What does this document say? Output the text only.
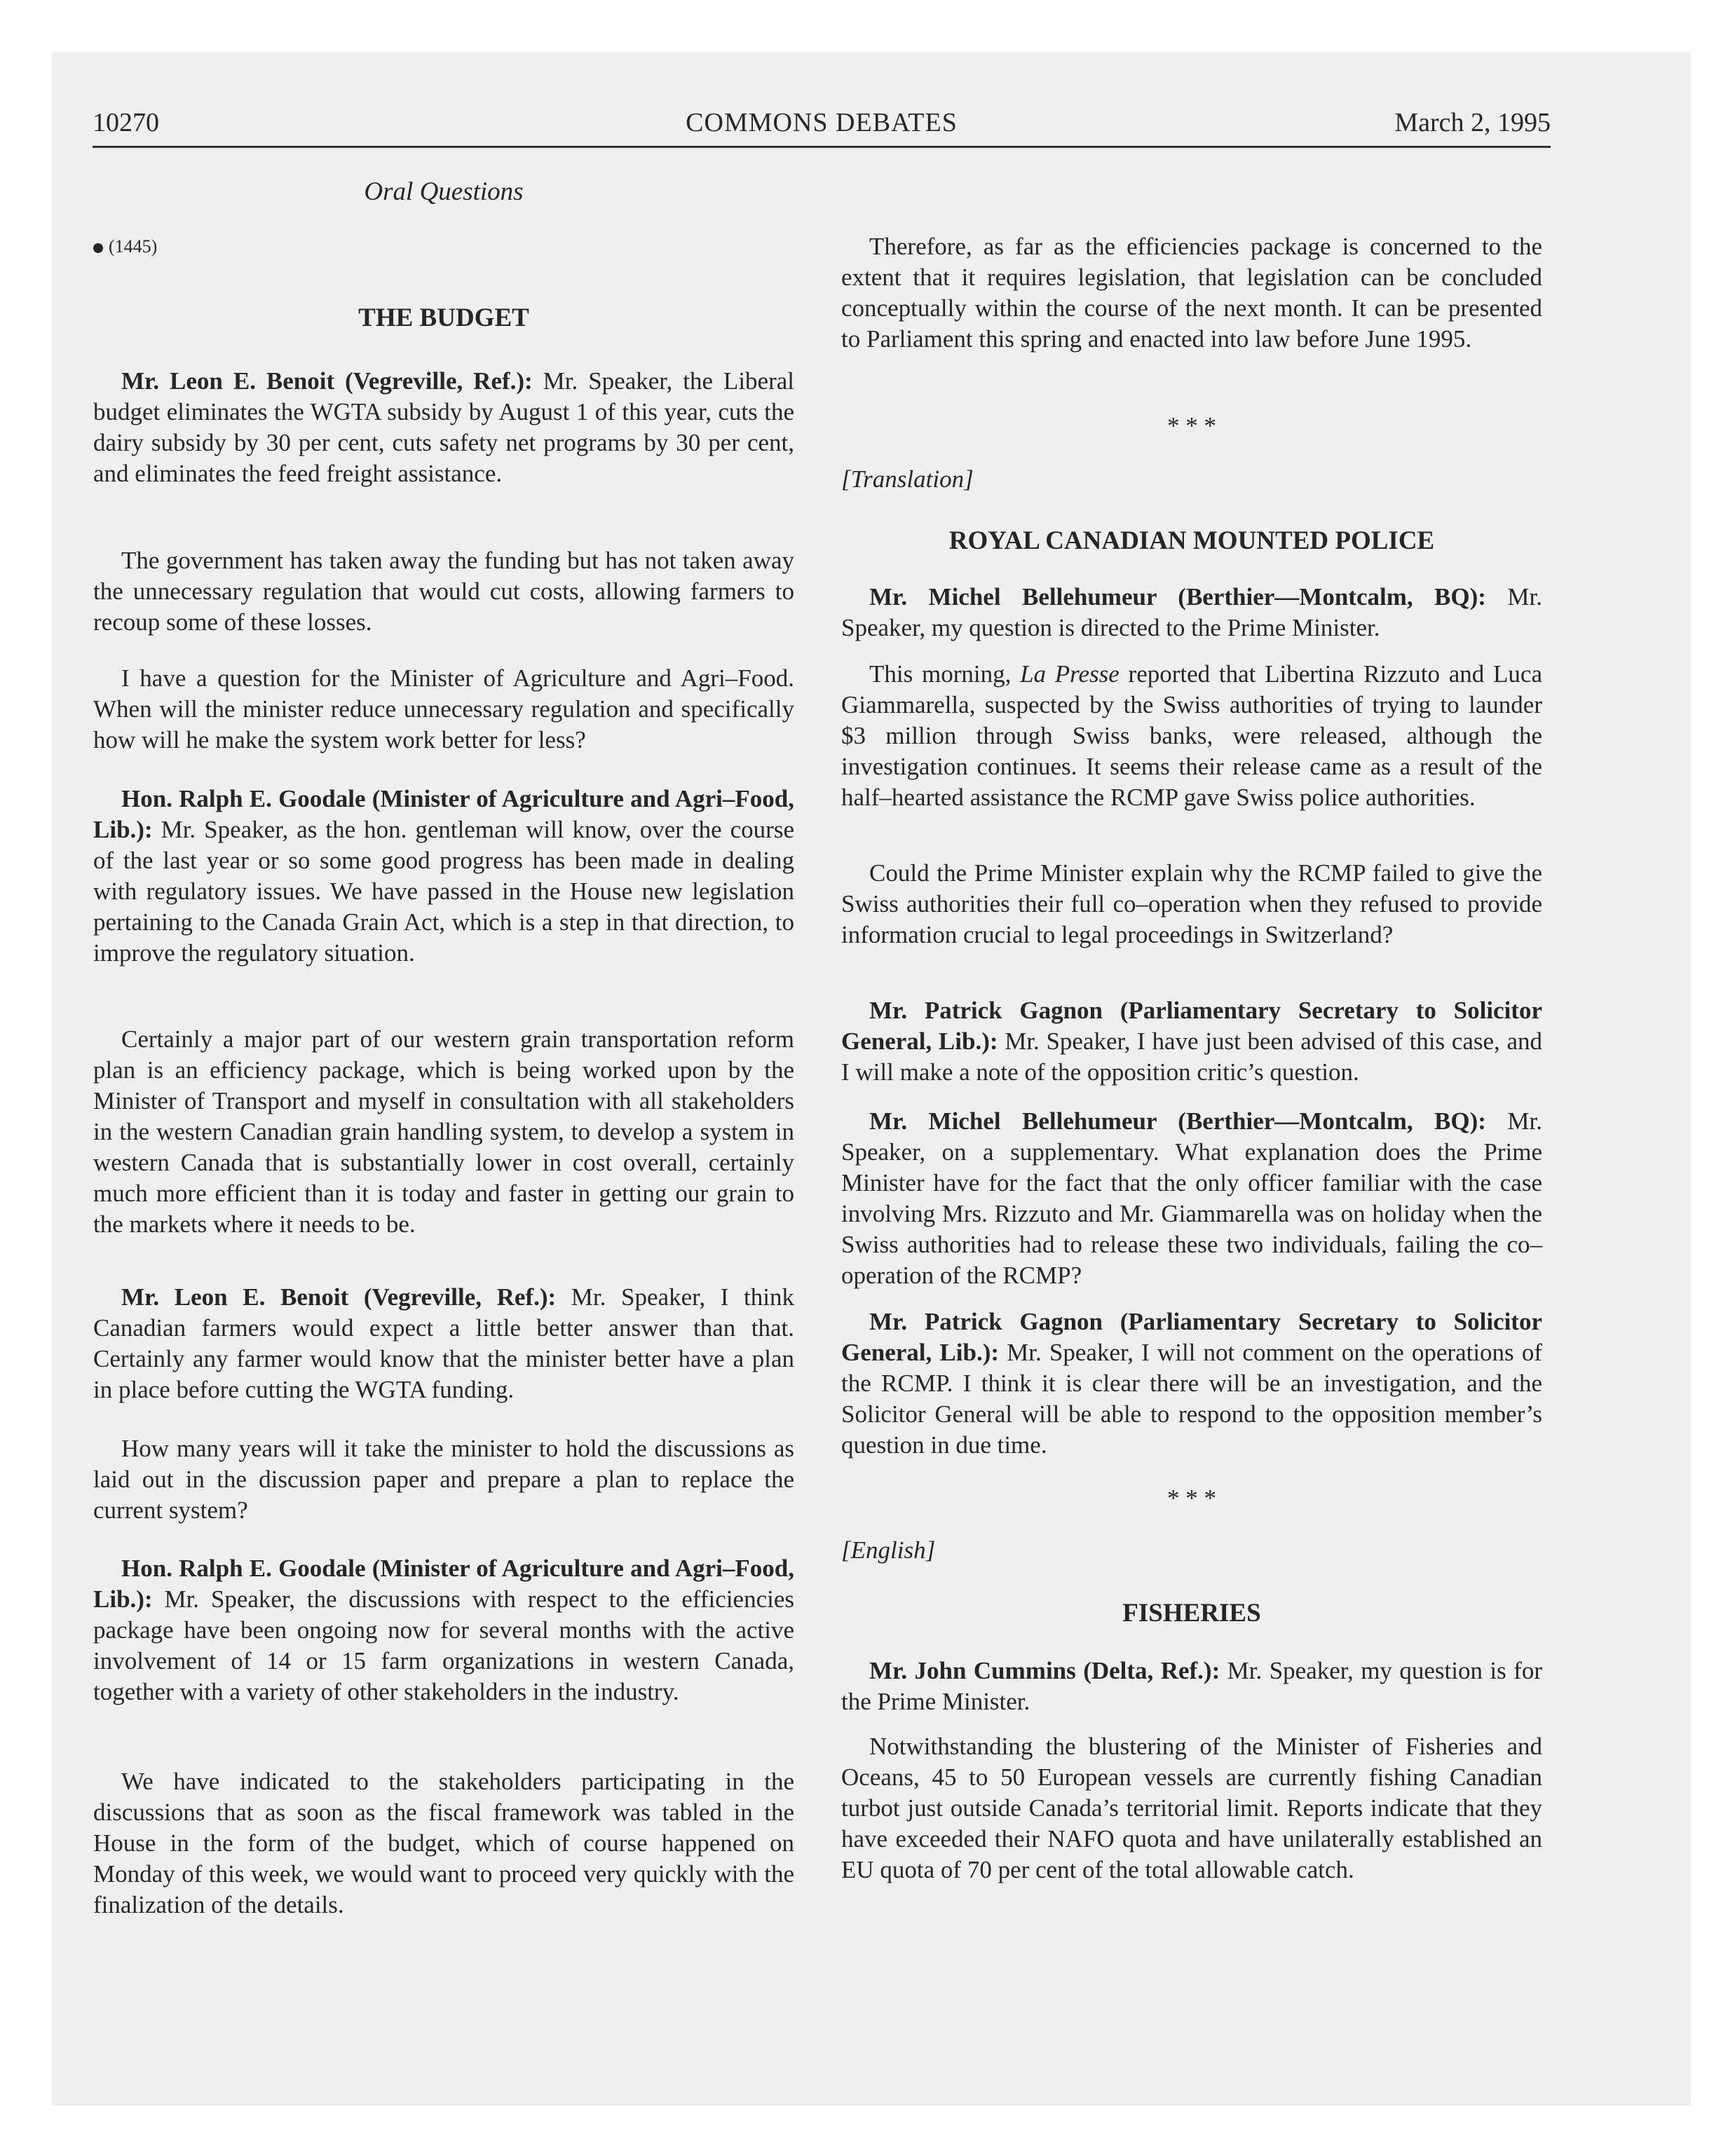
10270	COMMONS DEBATES	March 2, 1995
Oral Questions
(1445)
THE BUDGET

Mr. Leon E. Benoit (Vegreville, Ref.): Mr. Speaker, the Liberal budget eliminates the WGTA subsidy by August 1 of this year, cuts the dairy subsidy by 30 per cent, cuts safety net programs by 30 per cent, and eliminates the feed freight assistance.

The government has taken away the funding but has not taken away the unnecessary regulation that would cut costs, allowing farmers to recoup some of these losses.

I have a question for the Minister of Agriculture and Agri–Food. When will the minister reduce unnecessary regulation and specifically how will he make the system work better for less?

Hon. Ralph E. Goodale (Minister of Agriculture and Agri–Food, Lib.): Mr. Speaker, as the hon. gentleman will know, over the course of the last year or so some good progress has been made in dealing with regulatory issues. We have passed in the House new legislation pertaining to the Canada Grain Act, which is a step in that direction, to improve the regulatory situation.

Certainly a major part of our western grain transportation reform plan is an efficiency package, which is being worked upon by the Minister of Transport and myself in consultation with all stakeholders in the western Canadian grain handling system, to develop a system in western Canada that is substantially lower in cost overall, certainly much more efficient than it is today and faster in getting our grain to the markets where it needs to be.

Mr. Leon E. Benoit (Vegreville, Ref.): Mr. Speaker, I think Canadian farmers would expect a little better answer than that. Certainly any farmer would know that the minister better have a plan in place before cutting the WGTA funding.

How many years will it take the minister to hold the discussions as laid out in the discussion paper and prepare a plan to replace the current system?

Hon. Ralph E. Goodale (Minister of Agriculture and Agri–Food, Lib.): Mr. Speaker, the discussions with respect to the efficiencies package have been ongoing now for several months with the active involvement of 14 or 15 farm organizations in western Canada, together with a variety of other stakeholders in the industry.

We have indicated to the stakeholders participating in the discussions that as soon as the fiscal framework was tabled in the House in the form of the budget, which of course happened on Monday of this week, we would want to proceed very quickly with the finalization of the details.

Therefore, as far as the efficiencies package is concerned to the extent that it requires legislation, that legislation can be concluded conceptually within the course of the next month. It can be presented to Parliament this spring and enacted into law before June 1995.

* * *
[Translation]
ROYAL CANADIAN MOUNTED POLICE

Mr. Michel Bellehumeur (Berthier—Montcalm, BQ): Mr. Speaker, my question is directed to the Prime Minister.

This morning, La Presse reported that Libertina Rizzuto and Luca Giammarella, suspected by the Swiss authorities of trying to launder $3 million through Swiss banks, were released, although the investigation continues. It seems their release came as a result of the half–hearted assistance the RCMP gave Swiss police authorities.

Could the Prime Minister explain why the RCMP failed to give the Swiss authorities their full co–operation when they refused to provide information crucial to legal proceedings in Switzerland?

Mr. Patrick Gagnon (Parliamentary Secretary to Solicitor General, Lib.): Mr. Speaker, I have just been advised of this case, and I will make a note of the opposition critic’s question.

Mr. Michel Bellehumeur (Berthier—Montcalm, BQ): Mr. Speaker, on a supplementary. What explanation does the Prime Minister have for the fact that the only officer familiar with the case involving Mrs. Rizzuto and Mr. Giammarella was on holiday when the Swiss authorities had to release these two individuals, failing the co–operation of the RCMP?

Mr. Patrick Gagnon (Parliamentary Secretary to Solicitor General, Lib.): Mr. Speaker, I will not comment on the operations of the RCMP. I think it is clear there will be an investigation, and the Solicitor General will be able to respond to the opposition member’s question in due time.

* * *
[English]
FISHERIES

Mr. John Cummins (Delta, Ref.): Mr. Speaker, my question is for the Prime Minister.

Notwithstanding the blustering of the Minister of Fisheries and Oceans, 45 to 50 European vessels are currently fishing Canadian turbot just outside Canada’s territorial limit. Reports indicate that they have exceeded their NAFO quota and have unilaterally established an EU quota of 70 per cent of the total allowable catch.
